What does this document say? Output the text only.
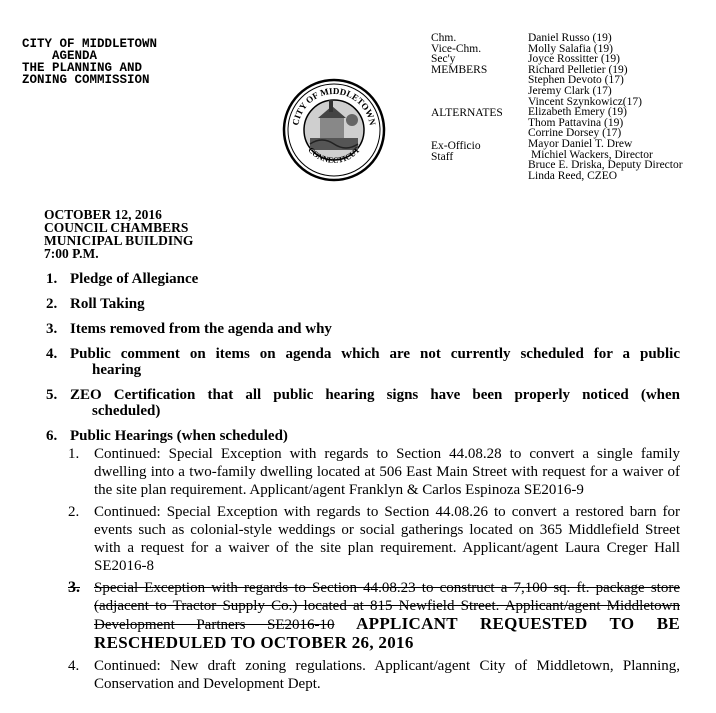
CITY OF MIDDLETOWN
AGENDA
THE PLANNING AND
ZONING COMMISSION
Chm.
Vice-Chm.
Sec'y
MEMBERS
ALTERNATES
Ex-Officio
Staff
Daniel Russo (19)
Molly Salafia (19)
Joyce Rossitter (19)
Richard Pelletier (19)
Stephen Devoto (17)
Jeremy Clark (17)
Vincent Szynkowicz(17)
Elizabeth Emery (19)
Thom Pattavina (19)
Corrine Dorsey (17)
Mayor Daniel T. Drew
Michiel Wackers, Director
Bruce E. Driska, Deputy Director
Linda Reed, CZEO
CITY OF MIDDLETOWN
CONNECTICUT
OCTOBER 12, 2016
COUNCIL CHAMBERS
MUNICIPAL BUILDING
7:00 P.M.
1. Pledge of Allegiance
2. Roll Taking
3. Items removed from the agenda and why
4. Public comment on items on agenda which are not currently scheduled for a public
hearing
5. ZEO Certification that all public hearing signs have been properly noticed (when
scheduled)
6. Public Hearings (when scheduled)
1. Continued: Special Exception with regards to Section 44.08.28 to convert a single family dwelling into a two-family dwelling located at 506 East Main Street with request for a waiver of the site plan requirement. Applicant/agent Franklyn & Carlos Espinoza SE2016-9
2. Continued: Special Exception with regards to Section 44.08.26 to convert a restored barn for events such as colonial-style weddings or social gatherings located on 365 Middlefield Street with a request for a waiver of the site plan requirement. Applicant/agent Laura Creger Hall SE2016-8
3. Special Exception with regards to Section 44.08.23 to construct a 7,100 sq. ft. package store (adjacent to Tractor Supply Co.) located at 815 Newfield Street. Applicant/agent Middletown Development Partners SE2016-10 APPLICANT REQUESTED TO BE RESCHEDULED TO OCTOBER 26, 2016
4. Continued: New draft zoning regulations. Applicant/agent City of Middletown, Planning, Conservation and Development Dept.
